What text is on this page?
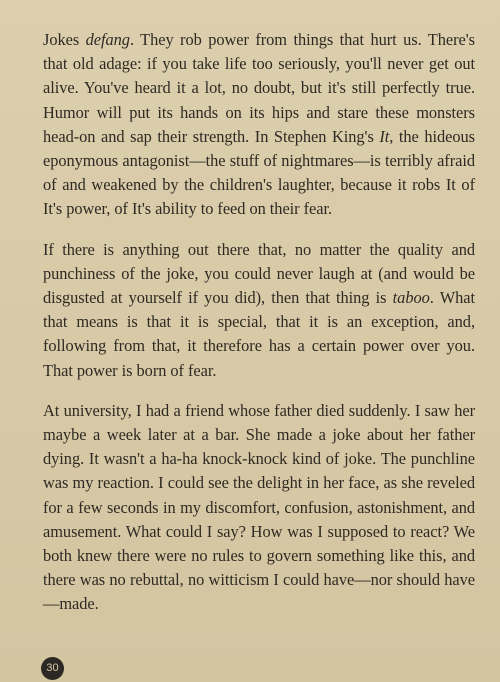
Jokes defang. They rob power from things that hurt us. There's that old adage: if you take life too seriously, you'll never get out alive. You've heard it a lot, no doubt, but it's still perfectly true. Humor will put its hands on its hips and stare these monsters head-on and sap their strength. In Stephen King's It, the hideous eponymous antagonist—the stuff of nightmares—is terribly afraid of and weakened by the children's laughter, because it robs It of It's power, of It's ability to feed on their fear.

If there is anything out there that, no matter the quality and punchiness of the joke, you could never laugh at (and would be disgusted at yourself if you did), then that thing is taboo. What that means is that it is special, that it is an exception, and, following from that, it therefore has a certain power over you. That power is born of fear.

At university, I had a friend whose father died suddenly. I saw her maybe a week later at a bar. She made a joke about her father dying. It wasn't a ha-ha knock-knock kind of joke. The punchline was my reaction. I could see the delight in her face, as she reveled for a few seconds in my discomfort, confusion, astonishment, and amusement. What could I say? How was I supposed to react? We both knew there were no rules to govern something like this, and there was no rebuttal, no witticism I could have—nor should have—made.

30
